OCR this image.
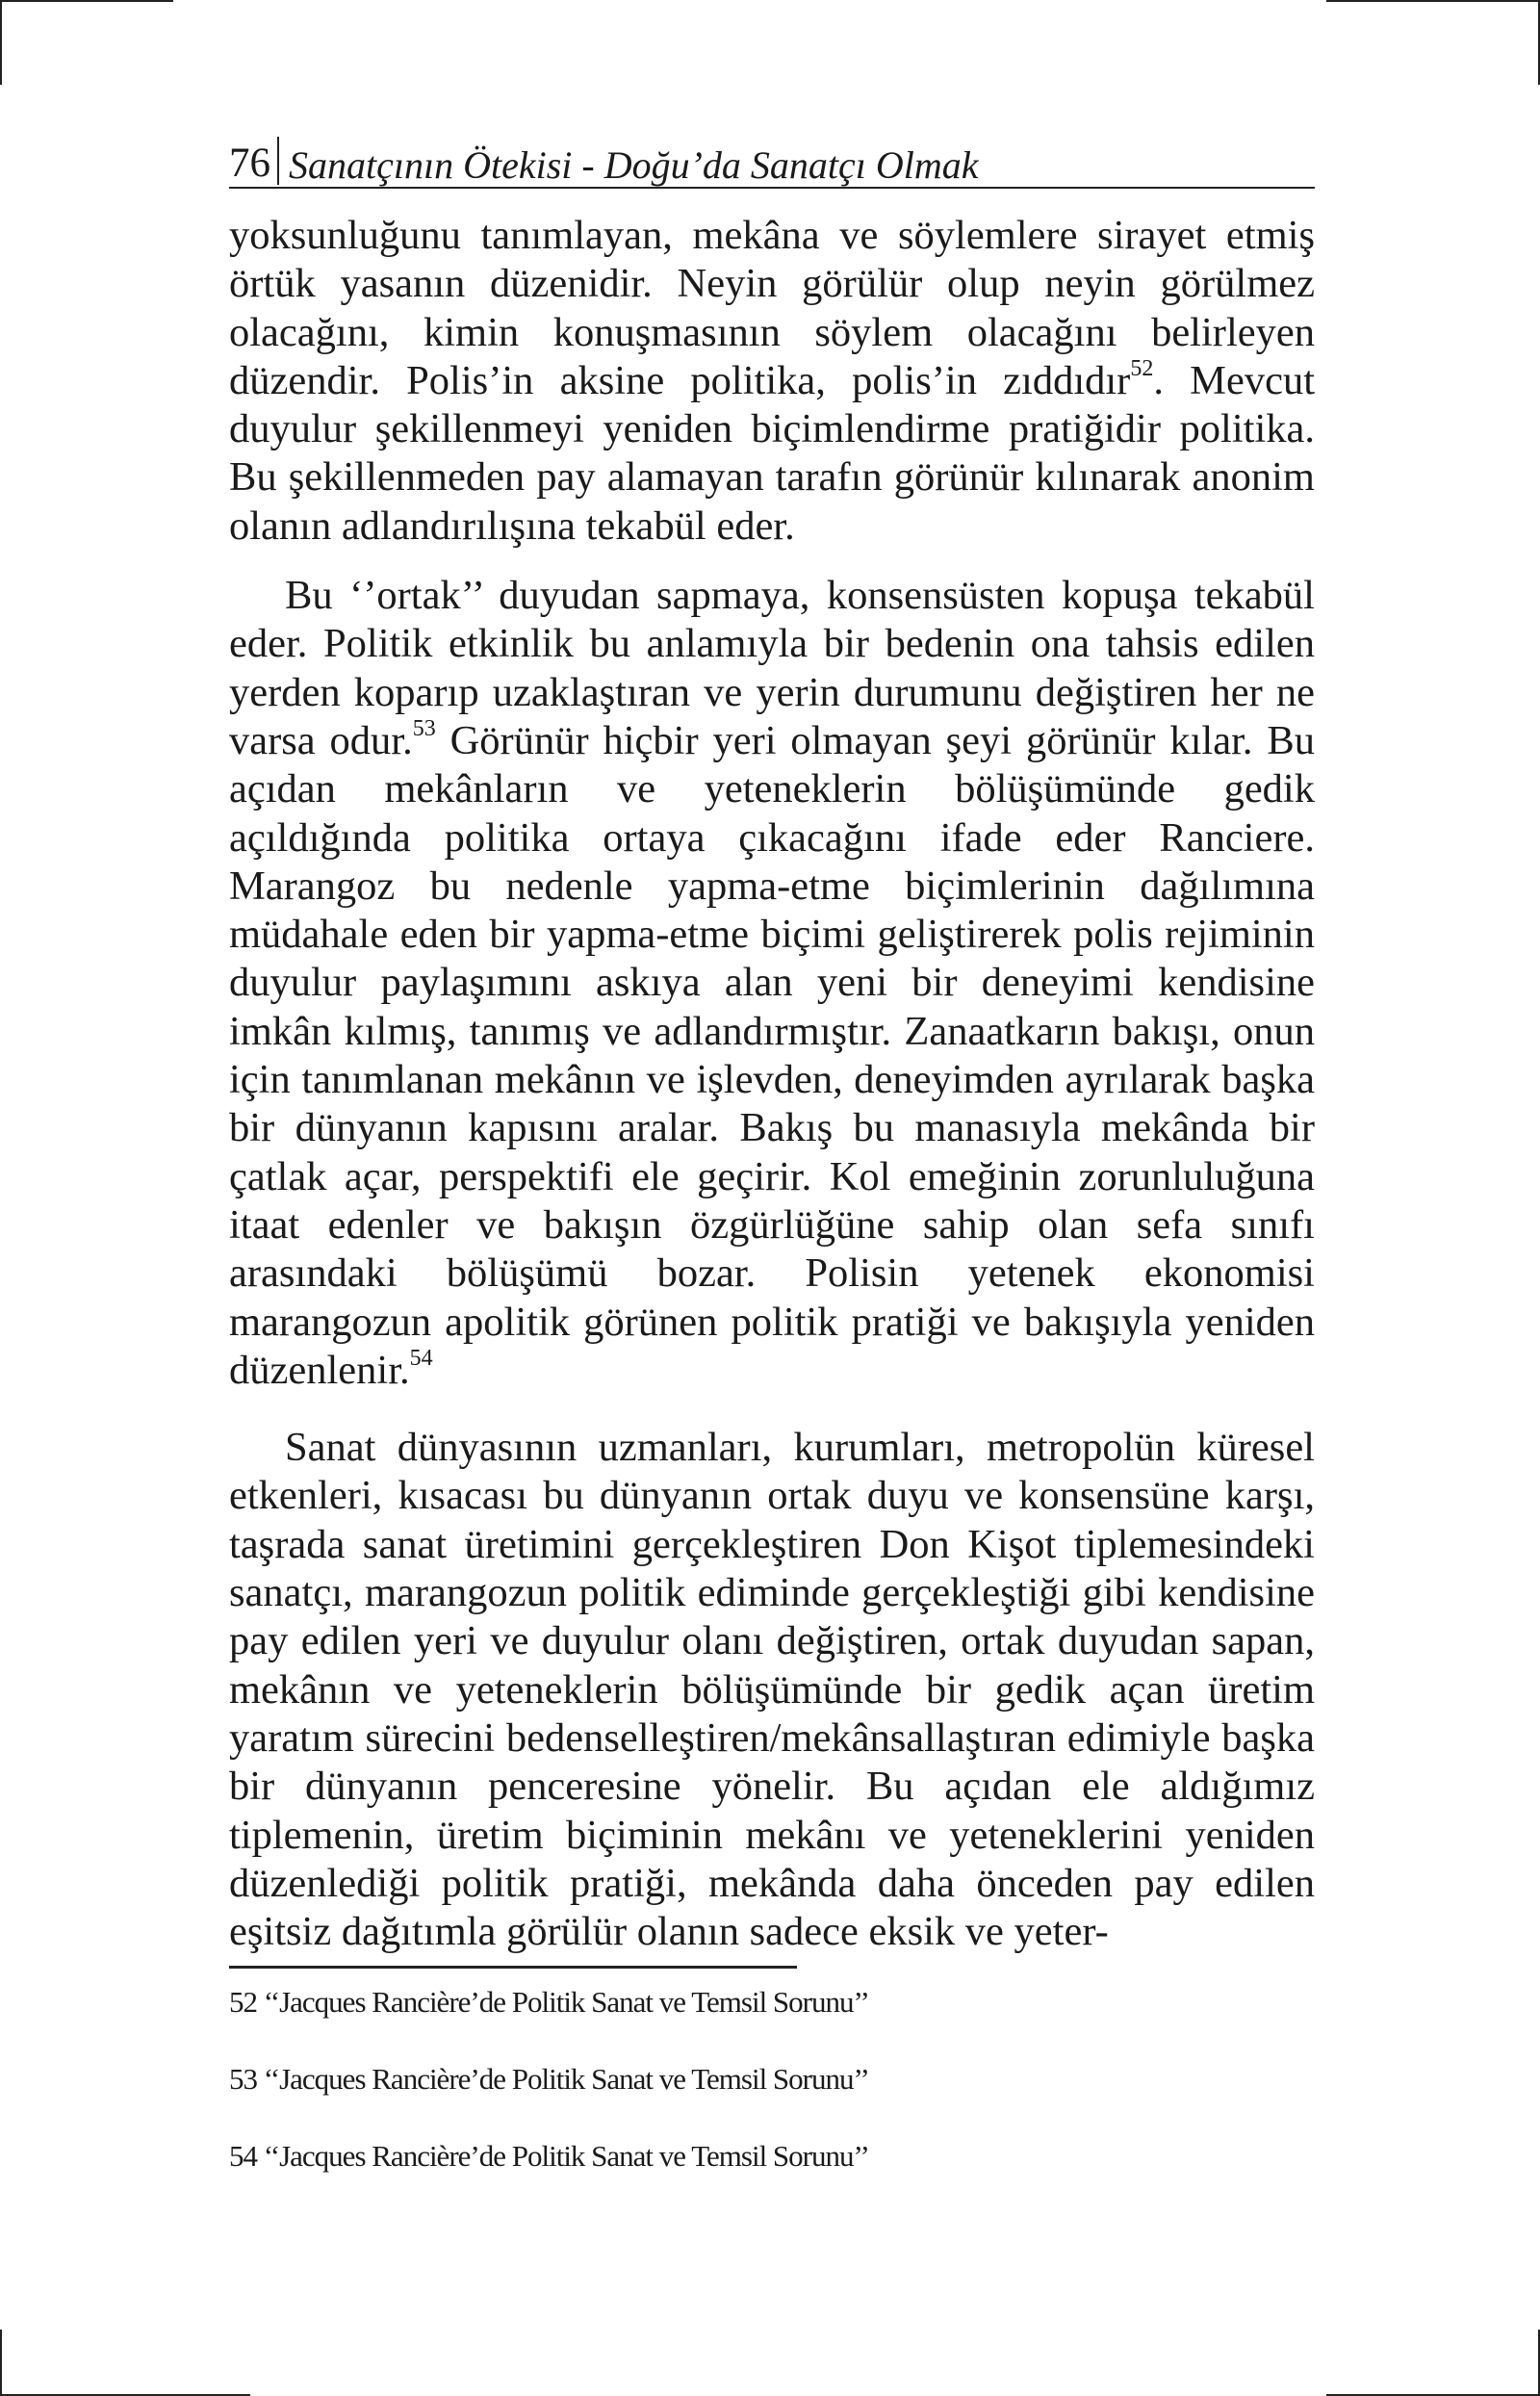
76 Sanatçının Ötekisi - Doğu’da Sanatçı Olmak

yoksunluğunu tanımlayan, mekâna ve söylemlere sirayet etmiş örtük yasanın düzenidir. Neyin görülür olup neyin görülmez olacağını, kimin konuşmasının söylem olacağını belirleyen düzendir. Polis’in aksine politika, polis’in zıddıdır$^{52}$. Mevcut duyulur şekillenmeyi yeniden biçimlendirme pratiğidir politika. Bu şekillenmeden pay alamayan tarafın görünür kılınarak anonim olanın adlandırılışına tekabül eder.

Bu ‘’ortak’’ duyudan sapmaya, konsensüsten kopuşa tekabül eder. Politik etkinlik bu anlamıyla bir bedenin ona tahsis edilen yerden koparıp uzaklaştıran ve yerin durumunu değiştiren her ne varsa odur.$^{53}$ Görünür hiçbir yeri olmayan şeyi görünür kılar. Bu açıdan mekânların ve yeteneklerin bölüşümünde gedik açıldığında politika ortaya çıkacağını ifade eder Ranciere. Marangoz bu nedenle yapma-etme biçimlerinin dağılımına müdahale eden bir yapma-etme biçimi geliştirerek polis rejiminin duyulur paylaşımını askıya alan yeni bir deneyimi kendisine imkân kılmış, tanımış ve adlandırmıştır. Zanaatkarın bakışı, onun için tanımlanan mekânın ve işlevden, deneyimden ayrılarak başka bir dünyanın kapısını aralar. Bakış bu manasıyla mekânda bir çatlak açar, perspektifi ele geçirir. Kol emeğinin zorunluluğuna itaat edenler ve bakışın özgürlüğüne sahip olan sefa sınıfı arasındaki bölüşümü bozar. Polisin yetenek ekonomisi marangozun apolitik görünen politik pratiği ve bakışıyla yeniden düzenlenir.$^{54}$

Sanat dünyasının uzmanları, kurumları, metropolün küresel etkenleri, kısacası bu dünyanın ortak duyu ve konsensüne karşı, taşrada sanat üretimini gerçekleştiren Don Kişot tiplemesindeki sanatçı, marangozun politik ediminde gerçekleştiği gibi kendisine pay edilen yeri ve duyulur olanı değiştiren, ortak duyudan sapan, mekânın ve yeteneklerin bölüşümünde bir gedik açan üretim yaratım sürecini bedenselleştiren/mekânsallaştıran edimiyle başka bir dünyanın penceresine yönelir. Bu açıdan ele aldığımız tiplemenin, üretim biçiminin mekânı ve yeteneklerini yeniden düzenlediği politik pratiği, mekânda daha önceden pay edilen eşitsiz dağıtımla görülür olanın sadece eksik ve yeter-

52 ‘‘Jacques Rancière’de Politik Sanat ve Temsil Sorunu’’
53 ‘‘Jacques Rancière’de Politik Sanat ve Temsil Sorunu’’
54 ‘‘Jacques Rancière’de Politik Sanat ve Temsil Sorunu’’
